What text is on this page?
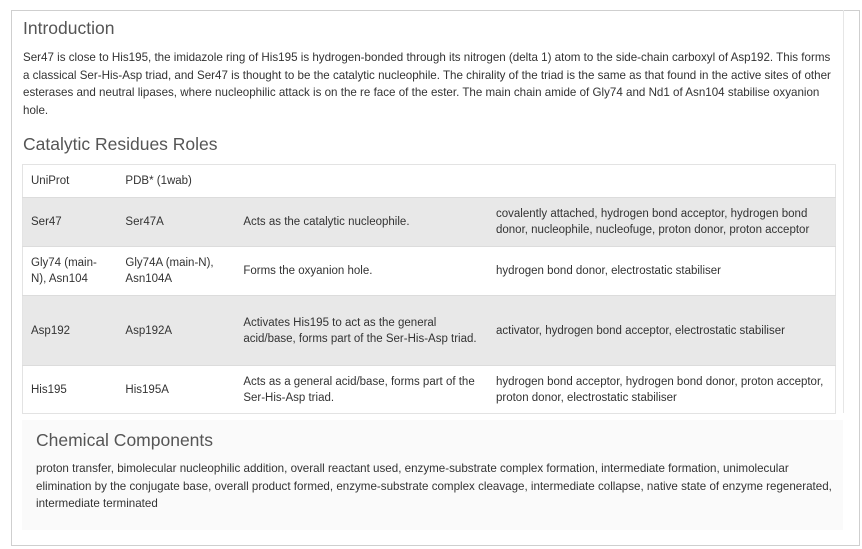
Introduction

Ser47 is close to His195, the imidazole ring of His195 is hydrogen-bonded through its nitrogen (delta 1) atom to the side-chain carboxyl of Asp192. This forms a classical Ser-His-Asp triad, and Ser47 is thought to be the catalytic nucleophile. The chirality of the triad is the same as that found in the active sites of other esterases and neutral lipases, where nucleophilic attack is on the re face of the ester. The main chain amide of Gly74 and Nd1 of Asn104 stabilise oxyanion hole.

Catalytic Residues Roles
UniProt	PDB* (1wab)		
Ser47	Ser47A	Acts as the catalytic nucleophile.	covalently attached, hydrogen bond acceptor, hydrogen bond donor, nucleophile, nucleofuge, proton donor, proton acceptor
Gly74 (main-N), Asn104	Gly74A (main-N), Asn104A	Forms the oxyanion hole.	hydrogen bond donor, electrostatic stabiliser
Asp192	Asp192A	Activates His195 to act as the general acid/base, forms part of the Ser-His-Asp triad.	activator, hydrogen bond acceptor, electrostatic stabiliser
His195	His195A	Acts as a general acid/base, forms part of the Ser-His-Asp triad.	hydrogen bond acceptor, hydrogen bond donor, proton acceptor, proton donor, electrostatic stabiliser
Chemical Components

proton transfer, bimolecular nucleophilic addition, overall reactant used, enzyme-substrate complex formation, intermediate formation, unimolecular elimination by the conjugate base, overall product formed, enzyme-substrate complex cleavage, intermediate collapse, native state of enzyme regenerated, intermediate terminated
